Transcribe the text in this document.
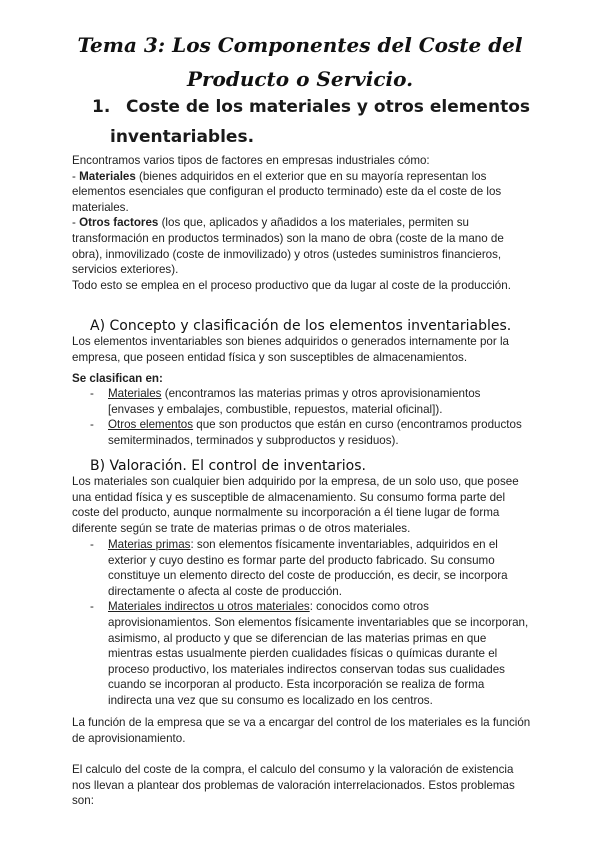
Tema 3: Los Componentes del Coste del Producto o Servicio.
1. Coste de los materiales y otros elementos
inventariables.

Encontramos varios tipos de factores en empresas industriales cómo:

- Materiales (bienes adquiridos en el exterior que en su mayoría representan los elementos esenciales que configuran el producto terminado) este da el coste de los materiales.

- Otros factores (los que, aplicados y añadidos a los materiales, permiten su transformación en productos terminados) son la mano de obra (coste de la mano de obra), inmovilizado (coste de inmovilizado) y otros (ustedes suministros financieros, servicios exteriores).

Todo esto se emplea en el proceso productivo que da lugar al coste de la producción.

A) Concepto y clasificación de los elementos inventariables.

Los elementos inventariables son bienes adquiridos o generados internamente por la empresa, que poseen entidad física y son susceptibles de almacenamientos.

Se clasifican en:

- Materiales (encontramos las materias primas y otros aprovisionamientos [envases y embalajes, combustible, repuestos, material oficinal]).

- Otros elementos que son productos que están en curso (encontramos productos semiterminados, terminados y subproductos y residuos).

B) Valoración. El control de inventarios.

Los materiales son cualquier bien adquirido por la empresa, de un solo uso, que posee una entidad física y es susceptible de almacenamiento. Su consumo forma parte del coste del producto, aunque normalmente su incorporación a él tiene lugar de forma diferente según se trate de materias primas o de otros materiales.

- Materias primas: son elementos físicamente inventariables, adquiridos en el exterior y cuyo destino es formar parte del producto fabricado. Su consumo constituye un elemento directo del coste de producción, es decir, se incorpora directamente o afecta al coste de producción.

- Materiales indirectos u otros materiales: conocidos como otros aprovisionamientos. Son elementos físicamente inventariables que se incorporan, asimismo, al producto y que se diferencian de las materias primas en que mientras estas usualmente pierden cualidades físicas o químicas durante el proceso productivo, los materiales indirectos conservan todas sus cualidades cuando se incorporan al producto. Esta incorporación se realiza de forma indirecta una vez que su consumo es localizado en los centros.

La función de la empresa que se va a encargar del control de los materiales es la función de aprovisionamiento.

El calculo del coste de la compra, el calculo del consumo y la valoración de existencia nos llevan a plantear dos problemas de valoración interrelacionados. Estos problemas son:
